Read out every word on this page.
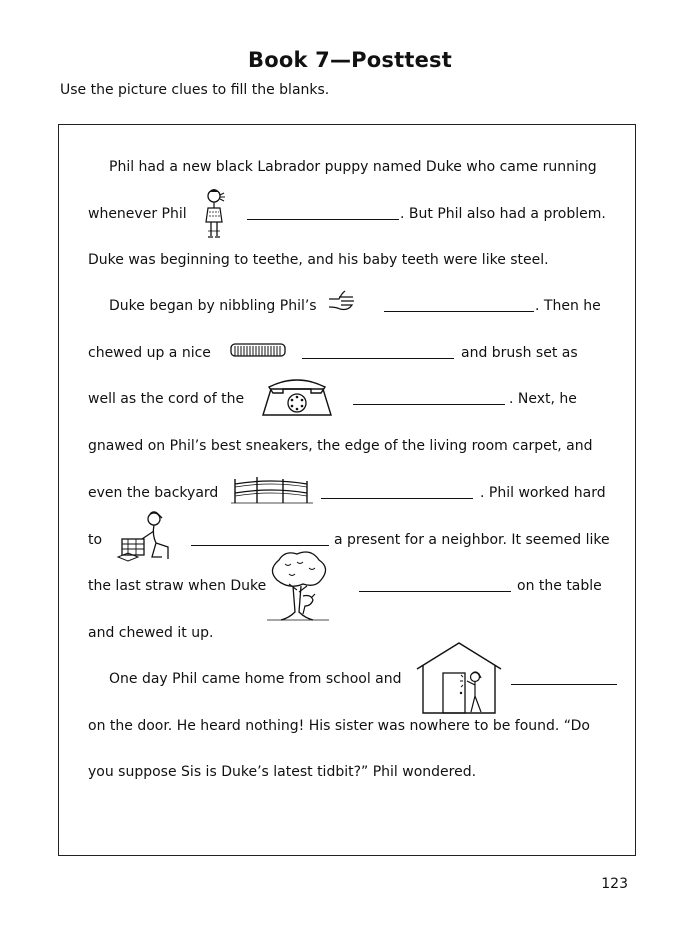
Book 7—Posttest
Use the picture clues to fill the blanks.
Phil had a new black Labrador puppy named Duke who came running
whenever Phil	. But Phil also had a problem.
Duke was beginning to teethe, and his baby teeth were like steel.
Duke began by nibbling Phil’s	. Then he
chewed up a nice	and brush set as
well as the cord of the	. Next, he
gnawed on Phil’s best sneakers, the edge of the living room carpet, and
even the backyard	. Phil worked hard
to	a present for a neighbor. It seemed like
the last straw when Duke	on the table
and chewed it up.
One day Phil came home from school and
on the door. He heard nothing! His sister was nowhere to be found. “Do
you suppose Sis is Duke’s latest tidbit?” Phil wondered.
123
